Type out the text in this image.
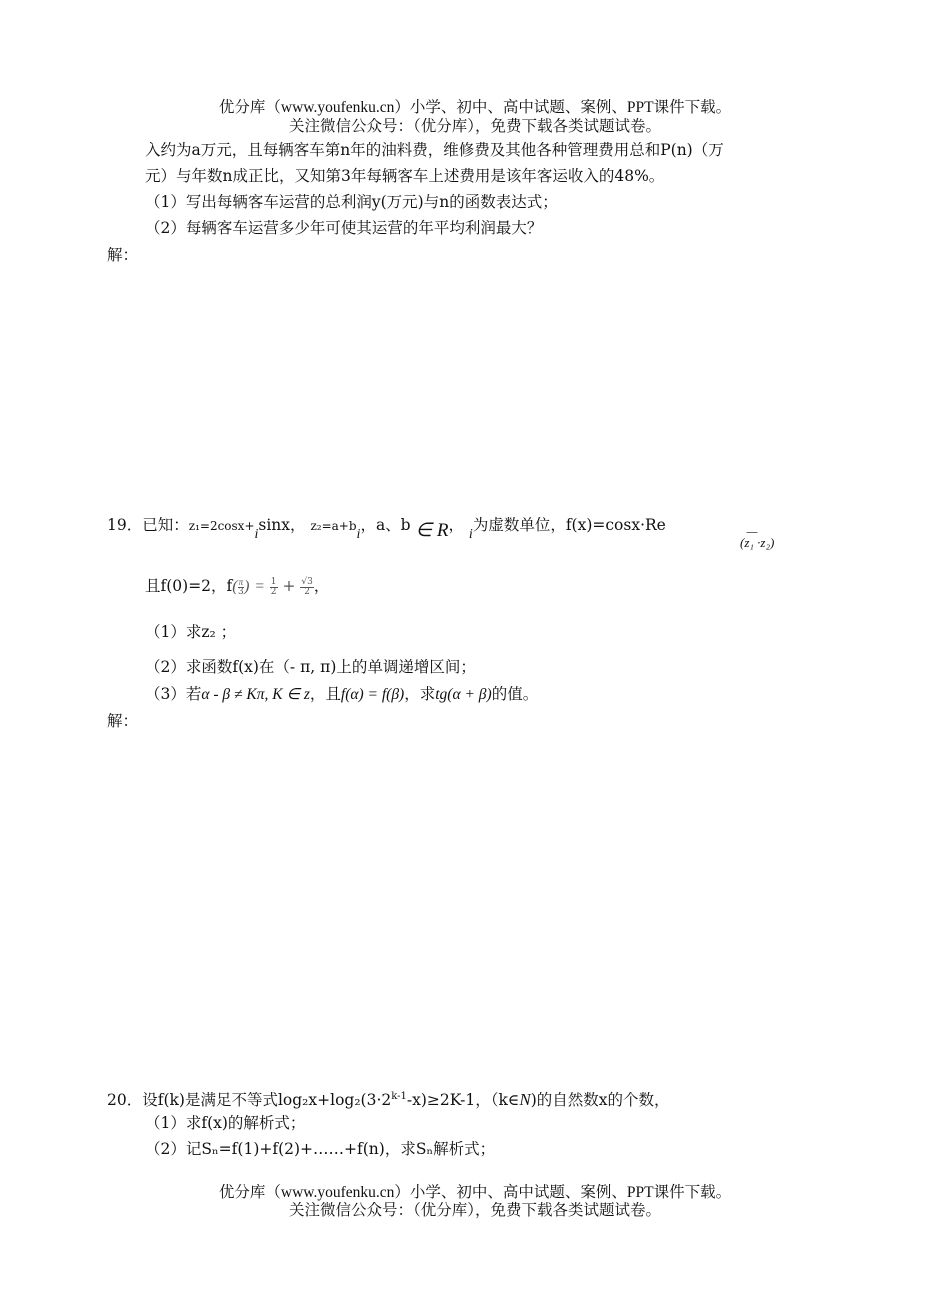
优分库（www.youfenku.cn）小学、初中、高中试题、案例、PPT课件下载。
关注微信公众号：（优分库），免费下载各类试题试卷。
入约为a万元，且每辆客车第n年的油料费，维修费及其他各种管理费用总和P(n)（万
元）与年数n成正比，又知第3年每辆客车上述费用是该年客运收入的48%。
（1）写出每辆客车运营的总利润y(万元)与n的函数表达式；
（2）每辆客车运营多少年可使其运营的年平均利润最大？
解：
19．已知：z₁=2cosx+isinx， z₂=a+bi，a、b ∈ R， i为虚数单位，f(x)=cosx·Re	—
(z₁ ·z₂)
且f(0)=2，$f( \frac{\pi}{3}$ ) = $\frac{1}{2} + \frac{√3}{2}$ ，
（1）求z₂ ；
（2）求函数f(x)在（- π, π)上的单调递增区间；
（3）若α - β ≠ Kπ, K ∈ z，且f(α) = f(β)，求tg(α + β)的值。
解：
20．设f(k)是满足不等式$\log_2x+\log_2(3\cdot 2^{k-1}-x)\ge 2K-1$，（k∈N)的自然数x的个数，
（1）求f(x)的解析式；
（2）记Sₙ=f(1)+f(2)+……+f(n)，求Sₙ解析式；
优分库（www.youfenku.cn）小学、初中、高中试题、案例、PPT课件下载。
关注微信公众号：（优分库），免费下载各类试题试卷。
